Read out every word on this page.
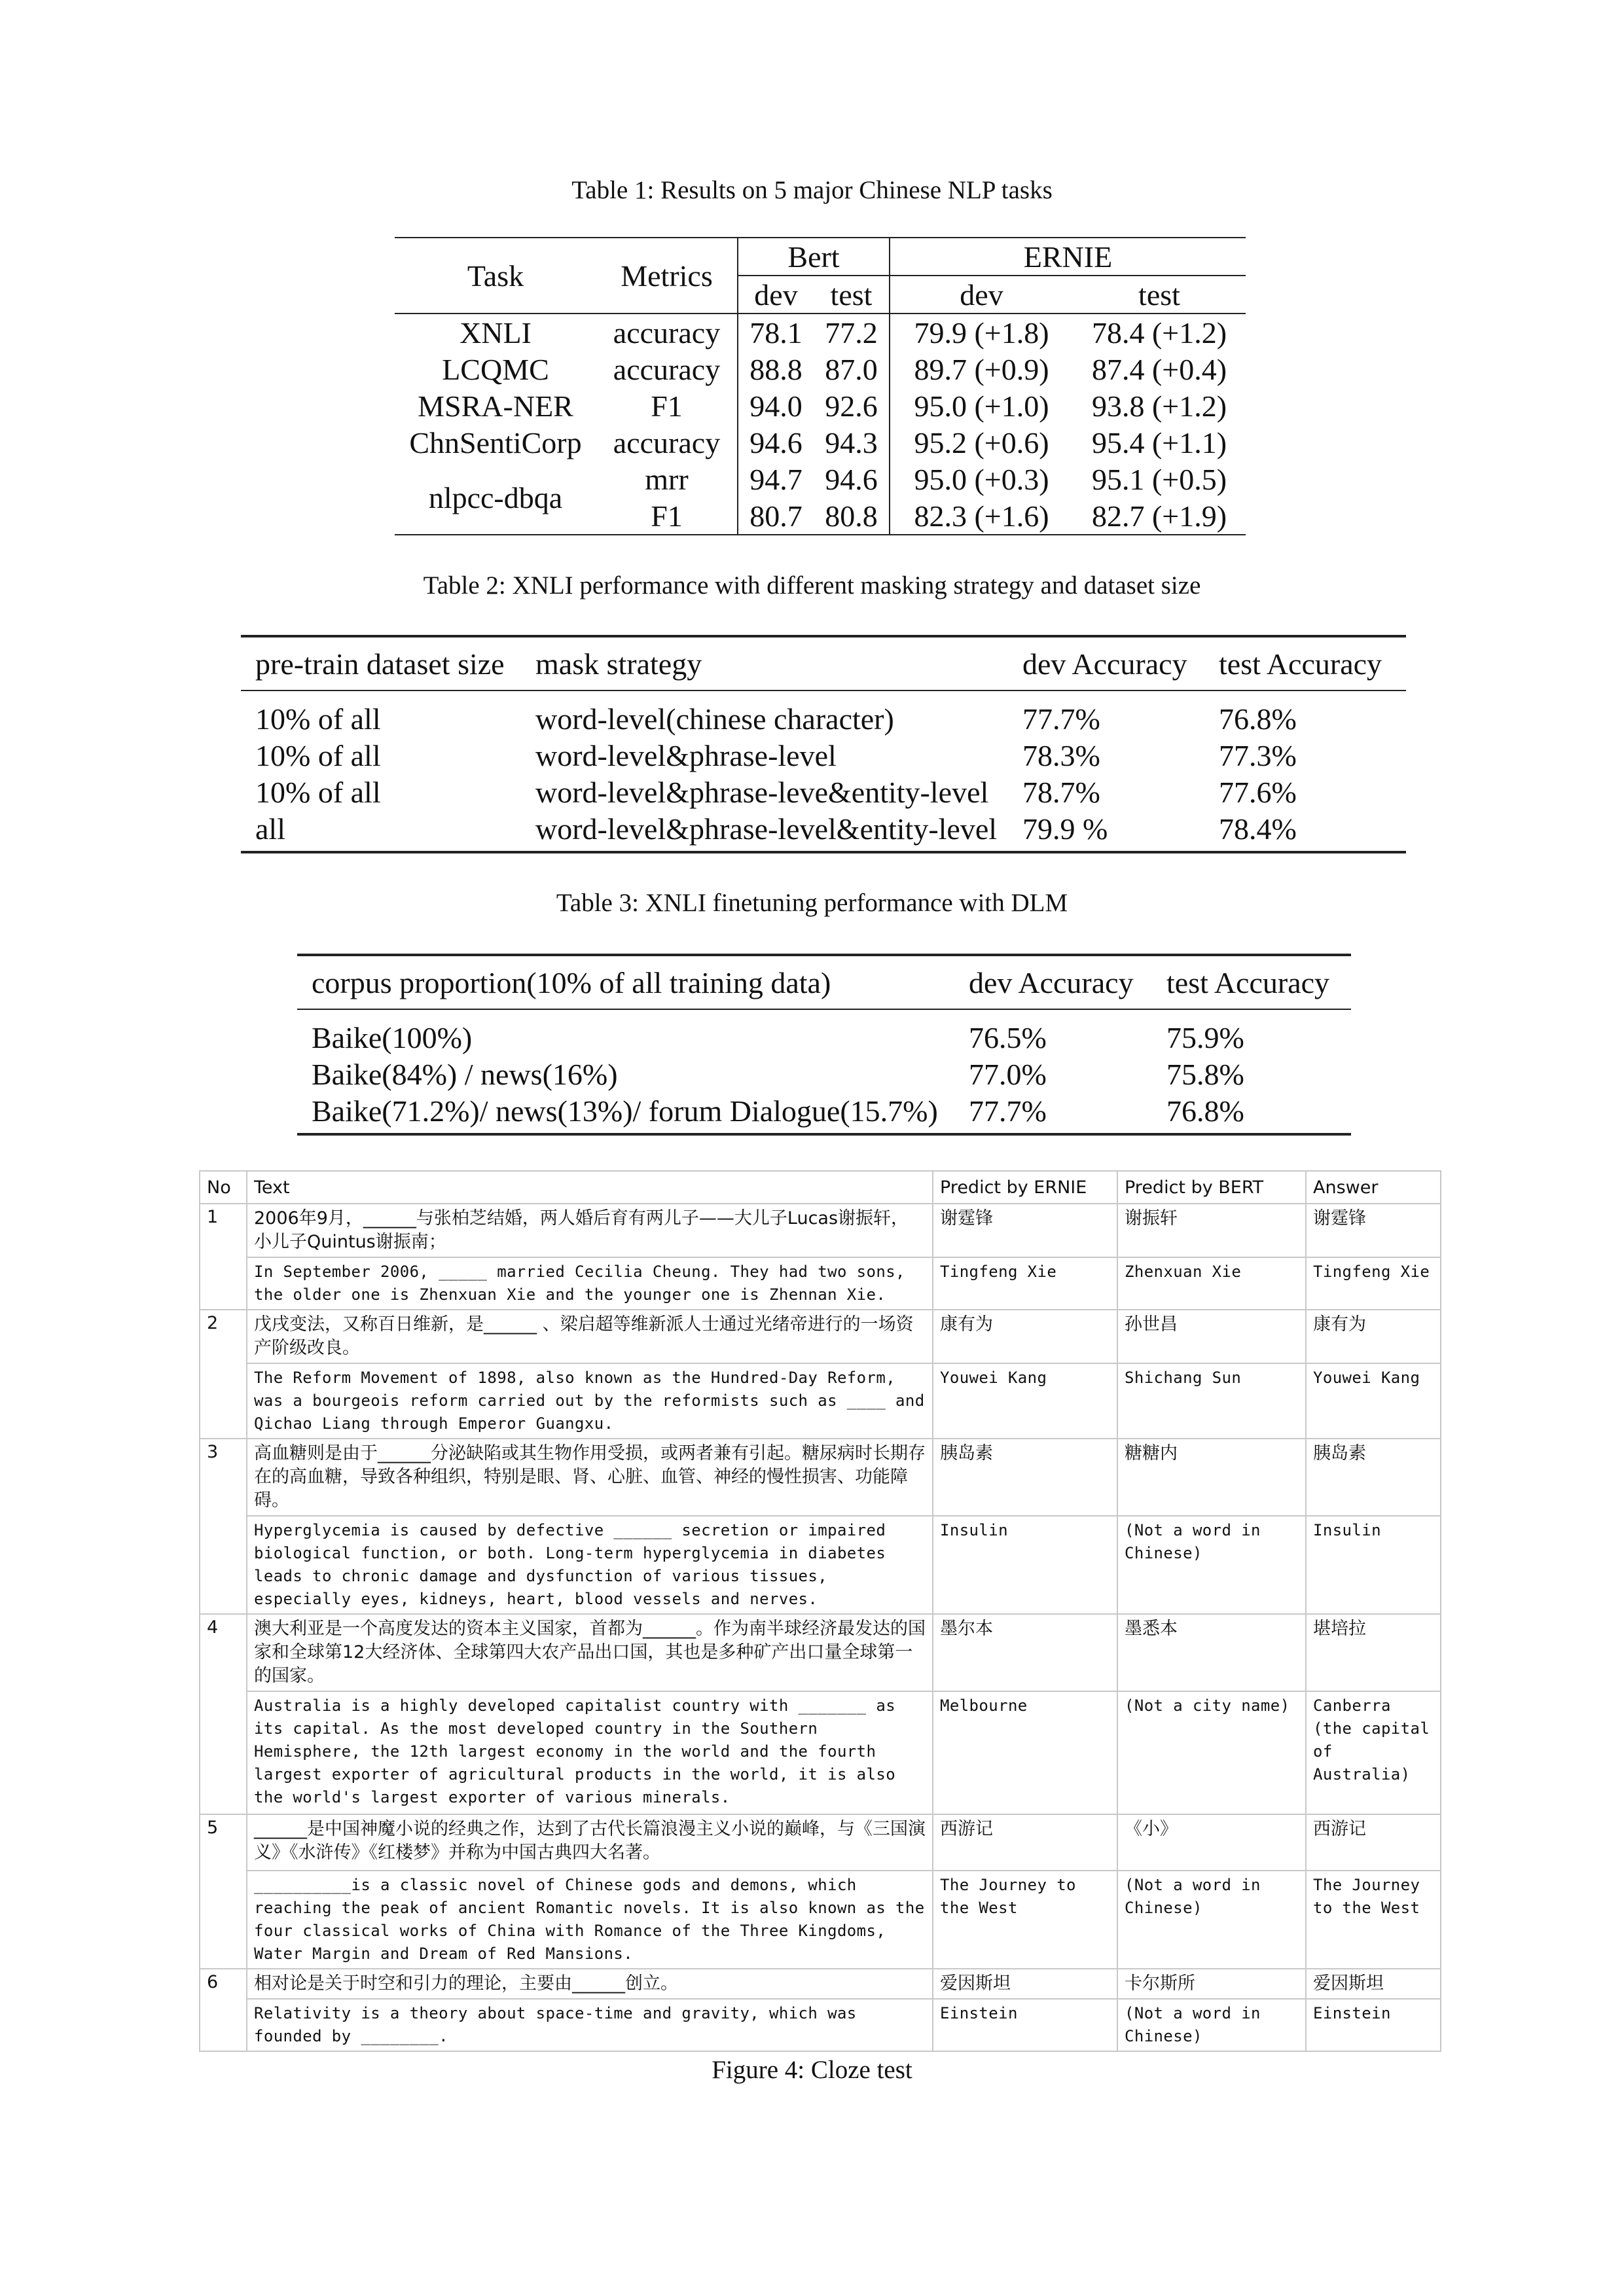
Table 1: Results on 5 major Chinese NLP tasks
Task	Metrics	Bert		ERNIE	
		dev	test	dev	test
XNLI	accuracy	78.1	77.2	79.9 (+1.8)	78.4 (+1.2)
LCQMC	accuracy	88.8	87.0	89.7 (+0.9)	87.4 (+0.4)
MSRA-NER	F1	94.0	92.6	95.0 (+1.0)	93.8 (+1.2)
ChnSentiCorp	accuracy	94.6	94.3	95.2 (+0.6)	95.4 (+1.1)
nlpcc-dbqa	mrr	94.7	94.6	95.0 (+0.3)	95.1 (+0.5)
	F1	80.7	80.8	82.3 (+1.6)	82.7 (+1.9)
Table 2: XNLI performance with different masking strategy and dataset size
pre-train dataset size	mask strategy	dev Accuracy	test Accuracy
10% of all	word-level(chinese character)	77.7%	76.8%
10% of all	word-level&phrase-level	78.3%	77.3%
10% of all	word-level&phrase-leve&entity-level	78.7%	77.6%
all	word-level&phrase-level&entity-level	79.9 %	78.4%
Table 3: XNLI finetuning performance with DLM
corpus proportion(10% of all training data)	dev Accuracy	test Accuracy
Baike(100%)	76.5%	75.9%
Baike(84%) / news(16%)	77.0%	75.8%
Baike(71.2%)/ news(13%)/ forum Dialogue(15.7%)	77.7%	76.8%
No	Text	Predict by ERNIE	Predict by BERT	Answer
1	2006年9月，______与张柏芝结婚，两人婚后育有两儿子——大儿子Lucas谢振轩，小儿子Quintus谢振南；	谢霆锋	谢振轩	谢霆锋
	In September 2006, _____ married Cecilia Cheung. They had two sons, the older one is Zhenxuan Xie and the younger one is Zhennan Xie.	Tingfeng Xie	Zhenxuan Xie	Tingfeng Xie
2	戊戌变法，又称百日维新，是______ 、梁启超等维新派人士通过光绪帝进行的一场资产阶级改良。	康有为	孙世昌	康有为
	The Reform Movement of 1898, also known as the Hundred-Day Reform, was a bourgeois reform carried out by the reformists such as ____ and Qichao Liang through Emperor Guangxu.	Youwei Kang	Shichang Sun	Youwei Kang
3	高血糖则是由于______分泌缺陷或其生物作用受损，或两者兼有引起。糖尿病时长期存在的高血糖，导致各种组织，特别是眼、肾、心脏、血管、神经的慢性损害、功能障碍。	胰岛素	糖糖内	胰岛素
	Hyperglycemia is caused by defective ______ secretion or impaired biological function, or both. Long-term hyperglycemia in diabetes leads to chronic damage and dysfunction of various tissues, especially eyes, kidneys, heart, blood vessels and nerves.	Insulin	(Not a word in Chinese)	Insulin
4	澳大利亚是一个高度发达的资本主义国家，首都为______。作为南半球经济最发达的国家和全球第12大经济体、全球第四大农产品出口国，其也是多种矿产出口量全球第一的国家。	墨尔本	墨悉本	堪培拉
	Australia is a highly developed capitalist country with _______ as its capital. As the most developed country in the Southern Hemisphere, the 12th largest economy in the world and the fourth largest exporter of agricultural products in the world, it is also the world's largest exporter of various minerals.	Melbourne	(Not a city name)	Canberra (the capital of Australia)
5	______是中国神魔小说的经典之作，达到了古代长篇浪漫主义小说的巅峰，与《三国演义》《水浒传》《红楼梦》并称为中国古典四大名著。	西游记	《小》	西游记
	__________is a classic novel of Chinese gods and demons, which reaching the peak of ancient Romantic novels. It is also known as the four classical works of China with Romance of the Three Kingdoms, Water Margin and Dream of Red Mansions.	The Journey to the West	(Not a word in Chinese)	The Journey to the West
6	相对论是关于时空和引力的理论，主要由______创立。	爱因斯坦	卡尔斯所	爱因斯坦
	Relativity is a theory about space-time and gravity, which was founded by ________.	Einstein	(Not a word in Chinese)	Einstein
Figure 4: Cloze test
